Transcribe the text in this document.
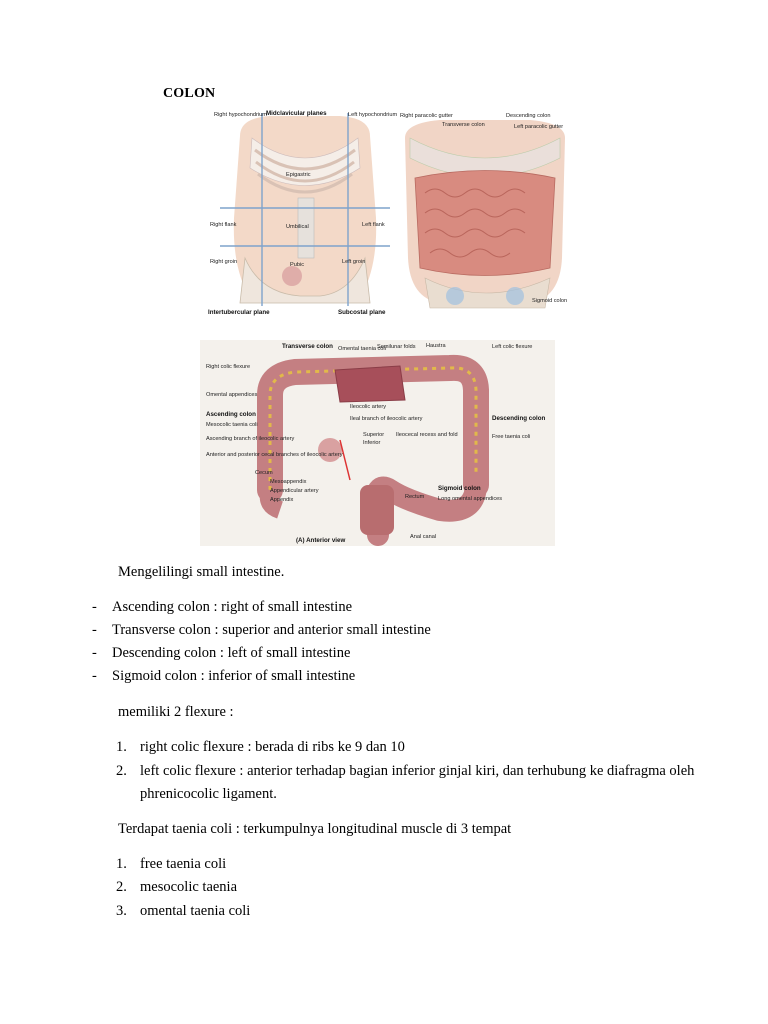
COLON
Right hypochondrium Midclavicular planes	Left hypochondrium
Epigastric
Right flank	Umbilical	Left flank
Right groin	Pubic	Left groin
Intertubercular plane	Subcostal plane
Right paracolic gutter	Descending colon
Transverse colon	Left paracolic gutter
Sigmoid colon
Transverse colon Omental taenia coli
Semilunar folds Haustra	Left colic flexure
Right colic flexure
Omental appendices
Ascending colon
Mesocolic taenia coli
Ascending branch of ileocolic artery
Anterior and posterior cecal branches of ileocolic artery
Cecum
Mesoappendix
Appendicular artery
Appendix
Ileocolic artery
Ileal branch of ileocolic artery
Superior
Inferior
Ileocecal recess and fold
Descending colon
Free taenia coli
Sigmoid colon
Rectum Long omental appendices
(A) Anterior view	Anal canal
Mengelilingi small intestine.
- Ascending colon : right of small intestine
- Transverse colon : superior and anterior small intestine
- Descending colon : left of small intestine
- Sigmoid colon : inferior of small intestine
memiliki 2 flexure :
1. right colic flexure : berada di ribs ke 9 dan 10
2. left colic flexure : anterior terhadap bagian inferior ginjal kiri, dan terhubung ke diafragma oleh
phrenicocolic ligament.
Terdapat taenia coli : terkumpulnya longitudinal muscle di 3 tempat
1. free taenia coli
2. mesocolic taenia
3. omental taenia coli
